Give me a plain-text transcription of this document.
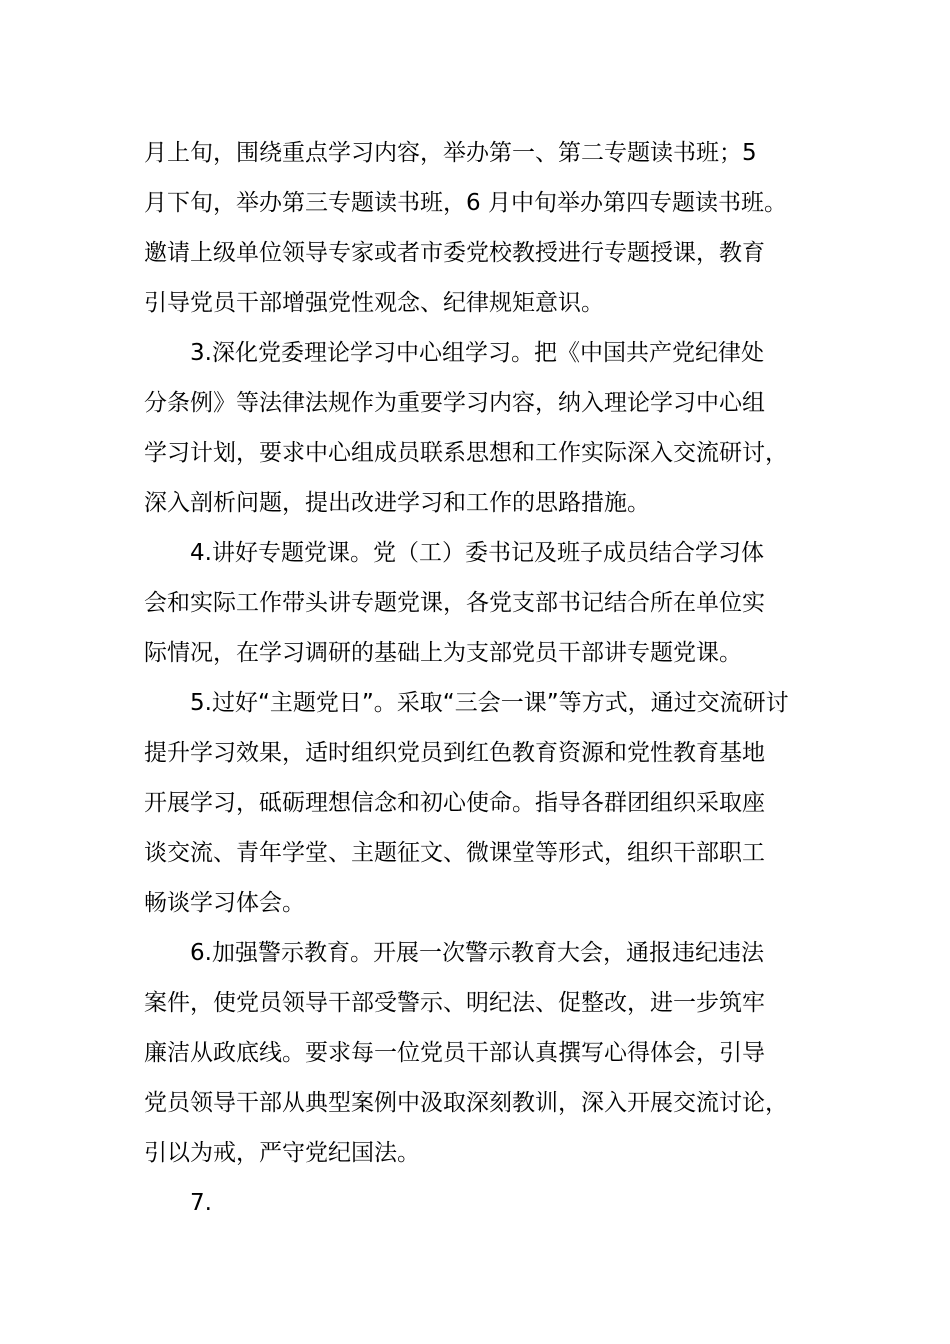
月上旬，围绕重点学习内容，举办第一、第二专题读书班；5
月下旬，举办第三专题读书班，6 月中旬举办第四专题读书班。
邀请上级单位领导专家或者市委党校教授进行专题授课，教育
引导党员干部增强党性观念、纪律规矩意识。
3.深化党委理论学习中心组学习。把《中国共产党纪律处
分条例》等法律法规作为重要学习内容，纳入理论学习中心组
学习计划，要求中心组成员联系思想和工作实际深入交流研讨，
深入剖析问题，提出改进学习和工作的思路措施。
4.讲好专题党课。党（工）委书记及班子成员结合学习体
会和实际工作带头讲专题党课，各党支部书记结合所在单位实
际情况，在学习调研的基础上为支部党员干部讲专题党课。
5.过好“主题党日”。采取“三会一课”等方式，通过交流研讨
提升学习效果，适时组织党员到红色教育资源和党性教育基地
开展学习，砥砺理想信念和初心使命。指导各群团组织采取座
谈交流、青年学堂、主题征文、微课堂等形式，组织干部职工
畅谈学习体会。
6.加强警示教育。开展一次警示教育大会，通报违纪违法
案件，使党员领导干部受警示、明纪法、促整改，进一步筑牢
廉洁从政底线。要求每一位党员干部认真撰写心得体会，引导
党员领导干部从典型案例中汲取深刻教训，深入开展交流讨论，
引以为戒，严守党纪国法。
7.
